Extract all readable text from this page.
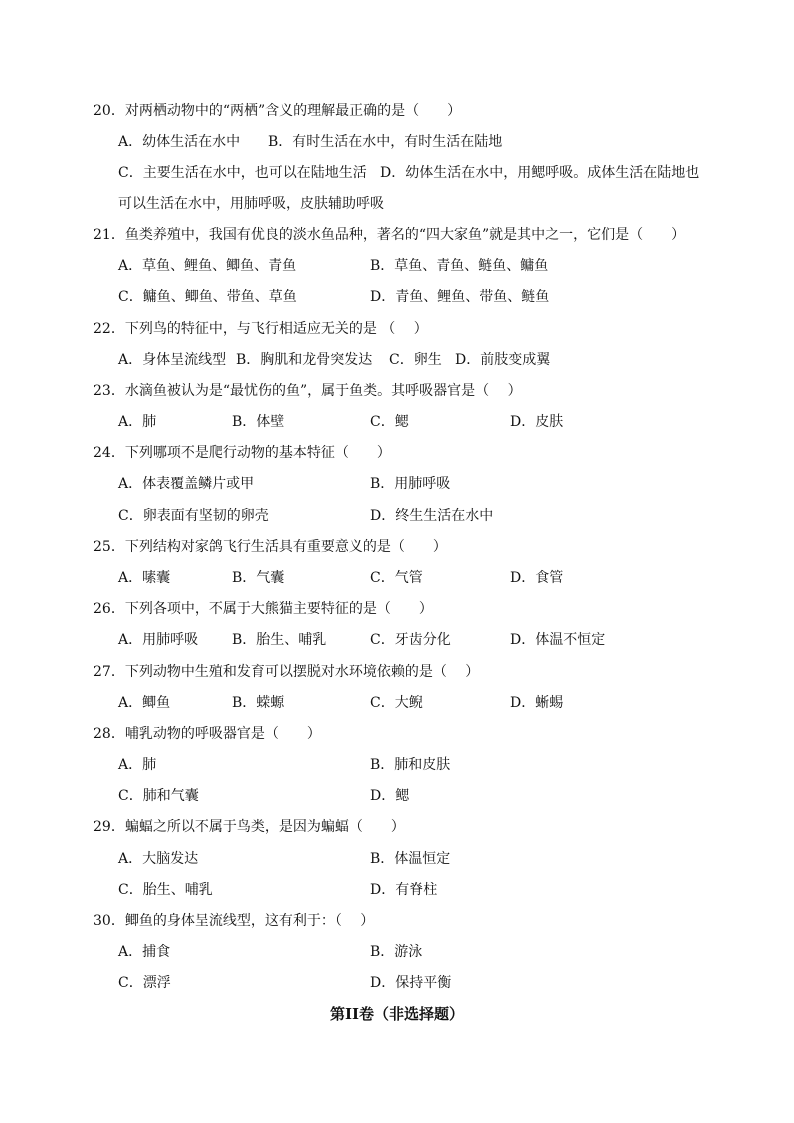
20．对两栖动物中的“两栖”含义的理解最正确的是（　　）
A．幼体生活在水中 B．有时生活在水中，有时生活在陆地
C．主要生活在水中，也可以在陆地生活 D．幼体生活在水中，用鳃呼吸。成体生活在陆地也
可以生活在水中，用肺呼吸，皮肤辅助呼吸
21．鱼类养殖中，我国有优良的淡水鱼品种，著名的“四大家鱼”就是其中之一，它们是（　　）
A．草鱼、鲤鱼、鲫鱼、青鱼	B．草鱼、青鱼、鲢鱼、鳙鱼
C．鳙鱼、鲫鱼、带鱼、草鱼	D．青鱼、鲤鱼、带鱼、鲢鱼
22．下列鸟的特征中，与飞行相适应无关的是 （　 ）
A．身体呈流线型 B．胸肌和龙骨突发达 C．卵生 D．前肢变成翼
23．水滴鱼被认为是“最忧伤的鱼”，属于鱼类。其呼吸器官是（　 ）
A．肺	B．体壁	C．鳃	D．皮肤
24．下列哪项不是爬行动物的基本特征（　　）
A．体表覆盖鳞片或甲	B．用肺呼吸
C．卵表面有坚韧的卵壳	D．终生生活在水中
25．下列结构对家鸽飞行生活具有重要意义的是（　　）
A．嗉囊	B．气囊	C．气管	D．食管
26．下列各项中，不属于大熊猫主要特征的是（　　）
A．用肺呼吸 B．胎生、哺乳	C．牙齿分化	D．体温不恒定
27．下列动物中生殖和发育可以摆脱对水环境依赖的是（　 ）
A．鲫鱼	B．蝾螈	C．大鲵	D．蜥蜴
28．哺乳动物的呼吸器官是（　　）
A．肺	B．肺和皮肤
C．肺和气囊	D．鳃
29．蝙蝠之所以不属于鸟类，是因为蝙蝠（　　）
A．大脑发达	B．体温恒定
C．胎生、哺乳	D．有脊柱
30．鲫鱼的身体呈流线型，这有利于：（　 ）
A．捕食	B．游泳
C．漂浮	D．保持平衡
第II卷（非选择题）
